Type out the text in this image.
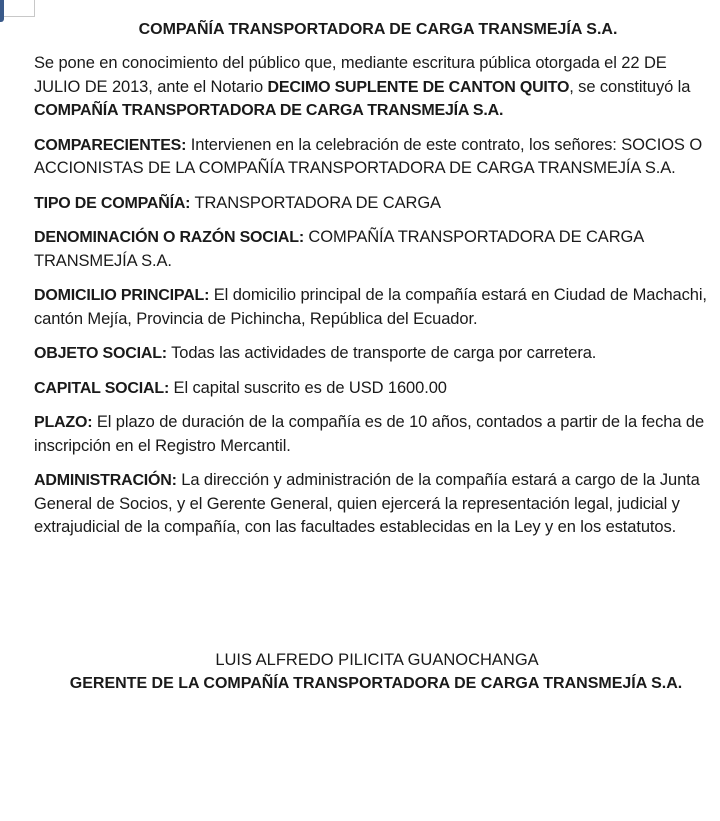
COMPAÑÍA TRANSPORTADORA DE CARGA TRANSMEJÍA S.A.

Se pone en conocimiento del público que, mediante escritura pública otorgada el 22 DE JULIO DE 2013, ante el Notario DECIMO SUPLENTE DE CANTON QUITO, se constituyó la COMPAÑÍA TRANSPORTADORA DE CARGA TRANSMEJÍA S.A.

COMPARECIENTES: Intervienen en la celebración de este contrato, los señores: SOCIOS O ACCIONISTAS DE LA COMPAÑÍA TRANSPORTADORA DE CARGA TRANSMEJÍA S.A.

TIPO DE COMPAÑÍA: TRANSPORTADORA DE CARGA

DENOMINACIÓN O RAZÓN SOCIAL: COMPAÑÍA TRANSPORTADORA DE CARGA TRANSMEJÍA S.A.

DOMICILIO PRINCIPAL: El domicilio principal de la compañía estará en Ciudad de Machachi, cantón Mejía, Provincia de Pichincha, República del Ecuador.

OBJETO SOCIAL: Todas las actividades de transporte de carga por carretera.

CAPITAL SOCIAL: El capital suscrito es de USD 1600.00

PLAZO: El plazo de duración de la compañía es de 10 años, contados a partir de la fecha de inscripción en el Registro Mercantil.

ADMINISTRACIÓN: La dirección y administración de la compañía estará a cargo de la Junta General de Socios, y el Gerente General, quien ejercerá la representación legal, judicial y extrajudicial de la compañía, con las facultades establecidas en la Ley y en los estatutos.

LUIS ALFREDO PILICITA GUANOCHANGA
GERENTE DE LA COMPAÑÍA TRANSPORTADORA DE CARGA TRANSMEJÍA S.A.
